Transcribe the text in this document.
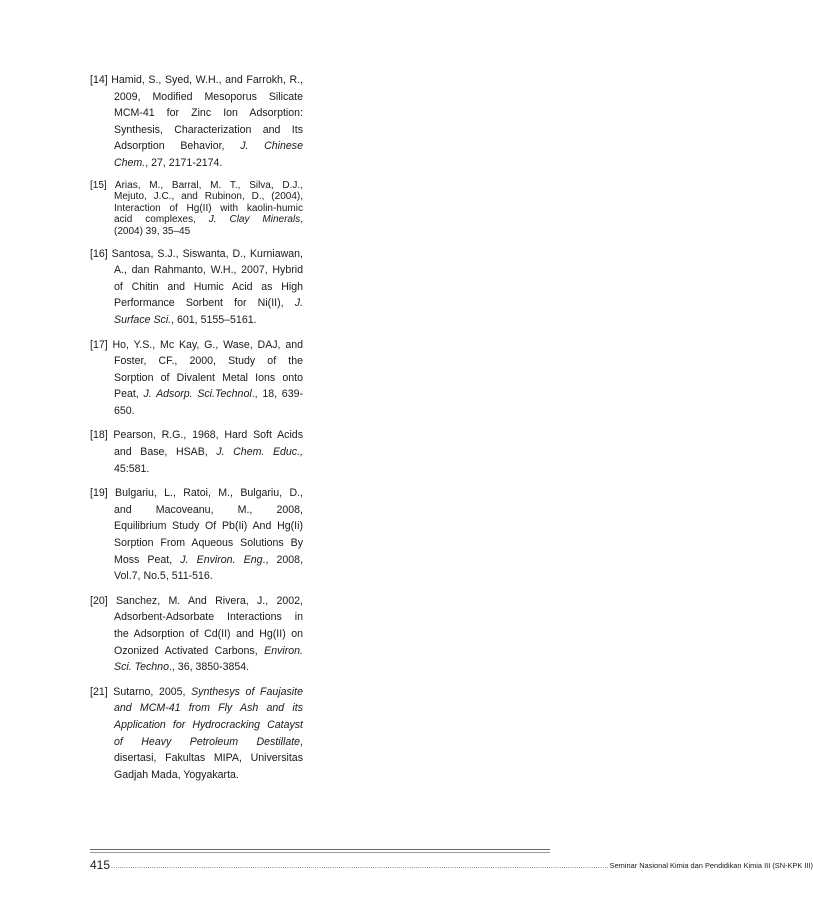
[14] Hamid, S., Syed, W.H., and Farrokh, R.,
2009, Modified Mesoporus Silicate
MCM-41 for Zinc Ion Adsorption:
Synthesis, Characterization and Its
Adsorption Behavior, J. Chinese
Chem., 27, 2171-2174.
[15] Arias, M., Barral, M. T., Silva, D.J.,
Mejuto, J.C., and Rubinon, D., (2004),
Interaction of Hg(II) with kaolin-humic
acid complexes, J. Clay Minerals,
(2004) 39, 35–45
[16] Santosa, S.J., Siswanta, D., Kurniawan,
A., dan Rahmanto, W.H., 2007, Hybrid
of Chitin and Humic Acid as High
Performance Sorbent for Ni(II), J.
Surface Sci., 601, 5155–5161.
[17] Ho, Y.S., Mc Kay, G., Wase, DAJ, and
Foster, CF., 2000, Study of the
Sorption of Divalent Metal Ions onto
Peat, J. Adsorp. Sci.Technol., 18, 639-
650.
[18] Pearson, R.G., 1968, Hard Soft Acids
and Base, HSAB, J. Chem. Educ.,
45:581.
[19] Bulgariu, L., Ratoi, M., Bulgariu, D.,
and Macoveanu, M., 2008,
Equilibrium Study Of Pb(Ii) And Hg(Ii)
Sorption From Aqueous Solutions By
Moss Peat, J. Environ. Eng., 2008,
Vol.7, No.5, 511-516.
[20] Sanchez, M. And Rivera, J., 2002,
Adsorbent-Adsorbate Interactions in
the Adsorption of Cd(II) and Hg(II) on
Ozonized Activated Carbons, Environ.
Sci. Techno., 36, 3850-3854.
[21] Sutarno, 2005, Synthesys of Faujasite
and MCM-41 from Fly Ash and its
Application for Hydrocracking Catayst
of Heavy Petroleum Destillate,
disertasi, Fakultas MIPA, Universitas
Gadjah Mada, Yogyakarta.
415 ........................................................................................................................................................................................................................................ Seminar Nasional Kimia dan Pendidikan Kimia III (SN-KPK III)
